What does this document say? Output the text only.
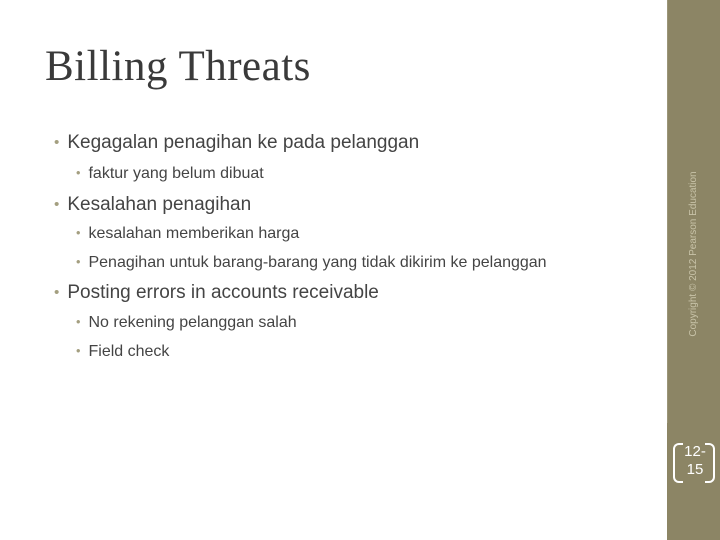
Billing Threats
• Kegagalan penagihan ke pada pelanggan
• faktur yang belum dibuat
• Kesalahan penagihan
• kesalahan memberikan harga
• Penagihan untuk barang-barang yang tidak dikirim ke pelanggan
• Posting errors in accounts receivable
• No rekening pelanggan salah
• Field check
Copyright © 2012 Pearson Education
12-
15
